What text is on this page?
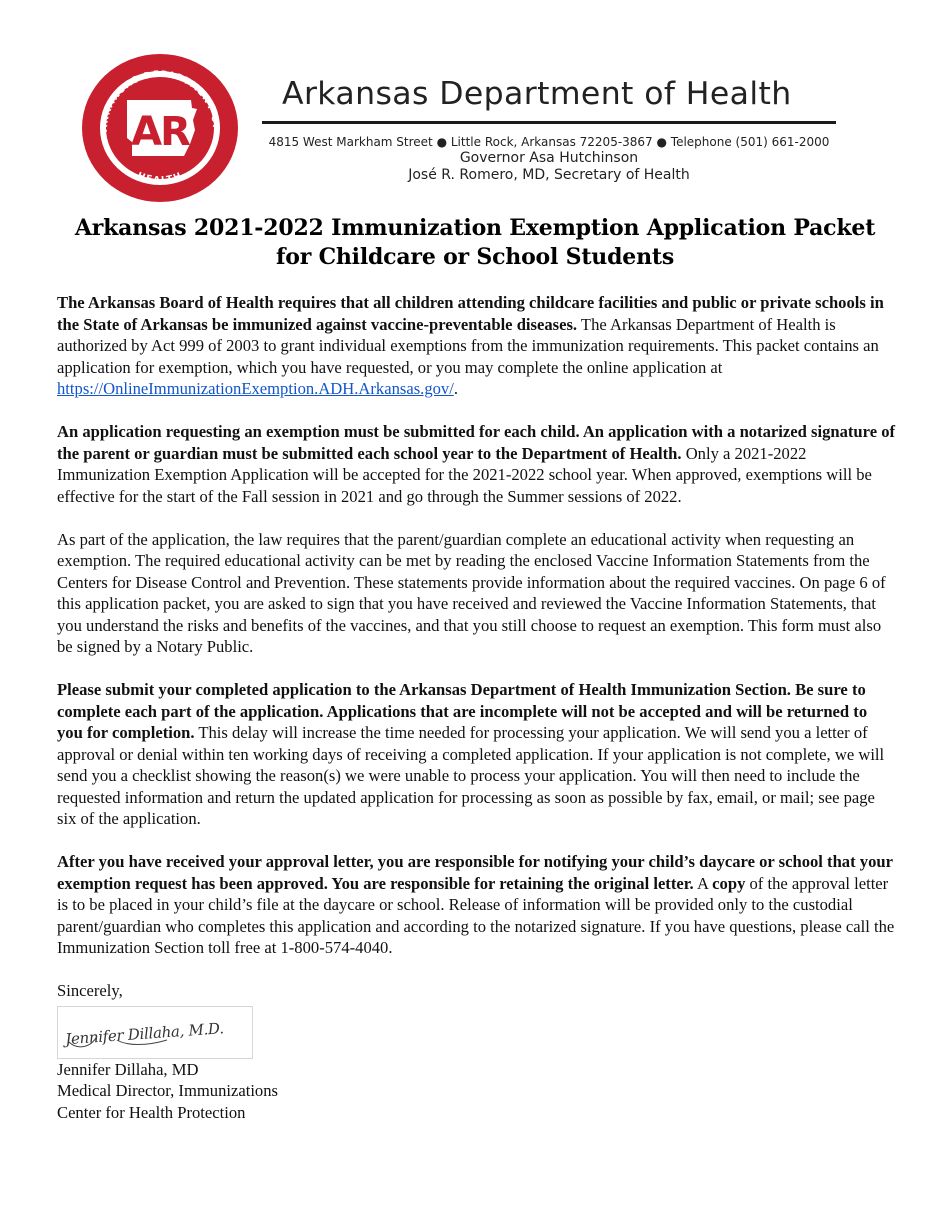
ARKANSAS DEPARTMENT OF
HEALTH
AR
Arkansas Department of Health
4815 West Markham Street ● Little Rock, Arkansas 72205-3867 ● Telephone (501) 661-2000
Governor Asa Hutchinson
José R. Romero, MD, Secretary of Health
Arkansas 2021-2022 Immunization Exemption Application Packet
for Childcare or School Students

The Arkansas Board of Health requires that all children attending childcare facilities and public or private schools in the State of Arkansas be immunized against vaccine-preventable diseases. The Arkansas Department of Health is authorized by Act 999 of 2003 to grant individual exemptions from the immunization requirements. This packet contains an application for exemption, which you have requested, or you may complete the online application at https://OnlineImmunizationExemption.ADH.Arkansas.gov/.

An application requesting an exemption must be submitted for each child. An application with a notarized signature of the parent or guardian must be submitted each school year to the Department of Health. Only a 2021-2022 Immunization Exemption Application will be accepted for the 2021-2022 school year. When approved, exemptions will be effective for the start of the Fall session in 2021 and go through the Summer sessions of 2022.

As part of the application, the law requires that the parent/guardian complete an educational activity when requesting an exemption. The required educational activity can be met by reading the enclosed Vaccine Information Statements from the Centers for Disease Control and Prevention. These statements provide information about the required vaccines. On page 6 of this application packet, you are asked to sign that you have received and reviewed the Vaccine Information Statements, that you understand the risks and benefits of the vaccines, and that you still choose to request an exemption. This form must also be signed by a Notary Public.

Please submit your completed application to the Arkansas Department of Health Immunization Section. Be sure to complete each part of the application. Applications that are incomplete will not be accepted and will be returned to you for completion. This delay will increase the time needed for processing your application. We will send you a letter of approval or denial within ten working days of receiving a completed application. If your application is not complete, we will send you a checklist showing the reason(s) we were unable to process your application. You will then need to include the requested information and return the updated application for processing as soon as possible by fax, email, or mail; see page six of the application.

After you have received your approval letter, you are responsible for notifying your child’s daycare or school that your exemption request has been approved. You are responsible for retaining the original letter. A copy of the approval letter is to be placed in your child’s file at the daycare or school. Release of information will be provided only to the custodial parent/guardian who completes this application and according to the notarized signature. If you have questions, please call the Immunization Section toll free at 1-800-574-4040.

Sincerely,
Jennifer Dillaha, M.D.
Jennifer Dillaha, MD
Medical Director, Immunizations
Center for Health Protection
